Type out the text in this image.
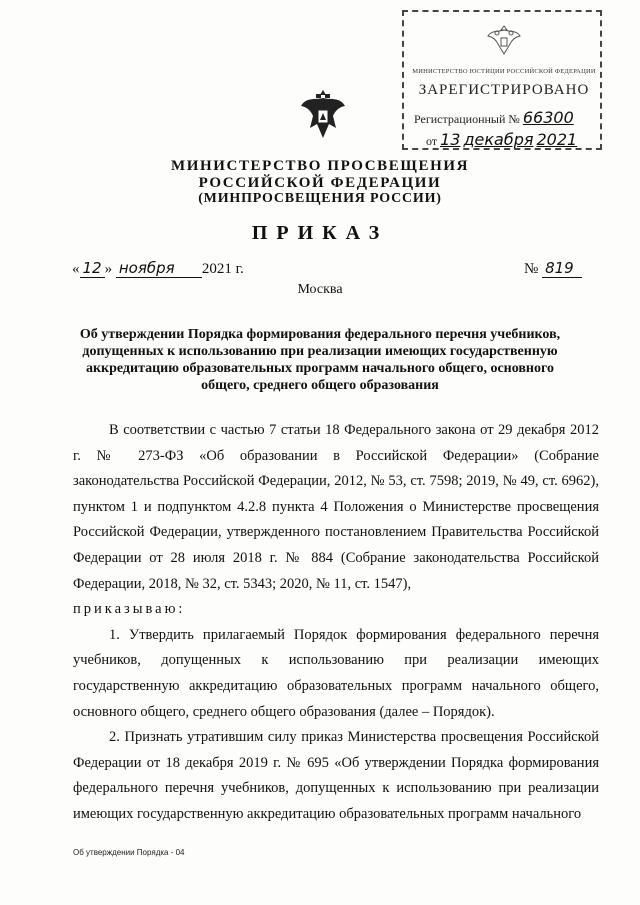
МИНИСТЕРСТВО ЮСТИЦИИ РОССИЙСКОЙ ФЕДЕРАЦИИ
ЗАРЕГИСТРИРОВАНО
Регистрационный № 66300
от 13 декабря 2021
МИНИСТЕРСТВО ПРОСВЕЩЕНИЯ
РОССИЙСКОЙ ФЕДЕРАЦИИ
(МИНПРОСВЕЩЕНИЯ РОССИИ)
ПРИКАЗ
« 12 » ноября 2021 г.	№ 819
Москва
Об утверждении Порядка формирования федерального перечня учебников, допущенных к использованию при реализации имеющих государственную аккредитацию образовательных программ начального общего, основного общего, среднего общего образования

В соответствии с частью 7 статьи 18 Федерального закона от 29 декабря 2012 г. № 273-ФЗ «Об образовании в Российской Федерации» (Собрание законодательства Российской Федерации, 2012, № 53, ст. 7598; 2019, № 49, ст. 6962), пунктом 1 и подпунктом 4.2.8 пункта 4 Положения о Министерстве просвещения Российской Федерации, утвержденного постановлением Правительства Российской Федерации от 28 июля 2018 г. № 884 (Собрание законодательства Российской Федерации, 2018, № 32, ст. 5343; 2020, № 11, ст. 1547),

приказываю:

1. Утвердить прилагаемый Порядок формирования федерального перечня учебников, допущенных к использованию при реализации имеющих государственную аккредитацию образовательных программ начального общего, основного общего, среднего общего образования (далее – Порядок).

2. Признать утратившим силу приказ Министерства просвещения Российской Федерации от 18 декабря 2019 г. № 695 «Об утверждении Порядка формирования федерального перечня учебников, допущенных к использованию при реализации имеющих государственную аккредитацию образовательных программ начального

Об утверждении Порядка - 04
